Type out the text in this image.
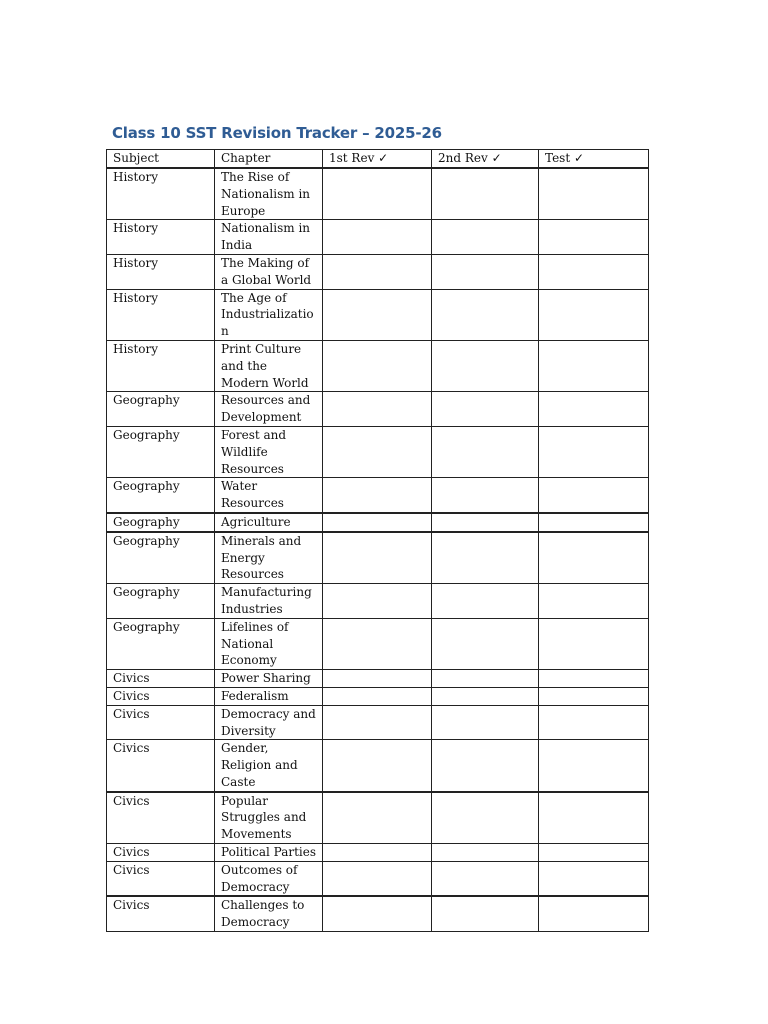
Class 10 SST Revision Tracker – 2025-26
Subject	Chapter	1st Rev ✓	2nd Rev ✓	Test ✓
History	The Rise of Nationalism in Europe			
History	Nationalism in India			
History	The Making of a Global World			
History	The Age of Industrialization			
History	Print Culture and the Modern World			
Geography	Resources and Development			
Geography	Forest and Wildlife Resources			
Geography	Water Resources			
Geography	Agriculture			
Geography	Minerals and Energy Resources			
Geography	Manufacturing Industries			
Geography	Lifelines of National Economy			
Civics	Power Sharing			
Civics	Federalism			
Civics	Democracy and Diversity			
Civics	Gender, Religion and Caste			
Civics	Popular Struggles and Movements			
Civics	Political Parties			
Civics	Outcomes of Democracy			
Civics	Challenges to Democracy			
